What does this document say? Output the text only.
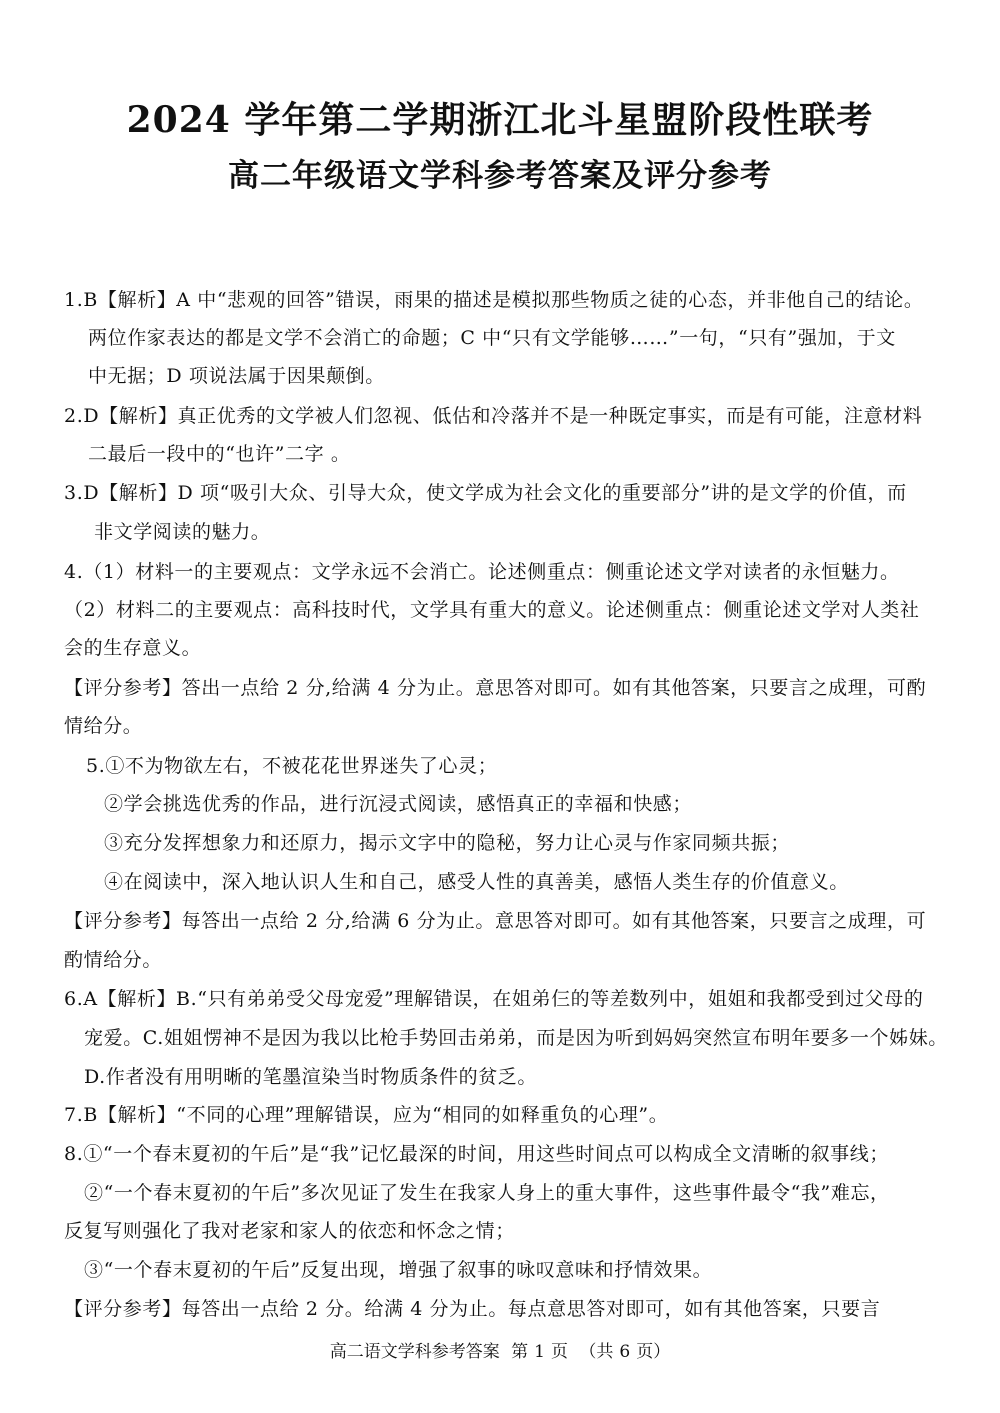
2024 学年第二学期浙江北斗星盟阶段性联考
高二年级语文学科参考答案及评分参考
1.B【解析】A 中“悲观的回答”错误，雨果的描述是模拟那些物质之徒的心态，并非他自己的结论。
两位作家表达的都是文学不会消亡的命题；C 中“只有文学能够……”一句，“只有”强加，于文
中无据；D 项说法属于因果颠倒。
2.D【解析】真正优秀的文学被人们忽视、低估和冷落并不是一种既定事实，而是有可能，注意材料
二最后一段中的“也许”二字 。
3.D【解析】D 项“吸引大众、引导大众，使文学成为社会文化的重要部分”讲的是文学的价值，而
非文学阅读的魅力。
4.（1）材料一的主要观点：文学永远不会消亡。论述侧重点：侧重论述文学对读者的永恒魅力。
（2）材料二的主要观点：高科技时代，文学具有重大的意义。论述侧重点：侧重论述文学对人类社
会的生存意义。
【评分参考】答出一点给 2 分,给满 4 分为止。意思答对即可。如有其他答案，只要言之成理，可酌
情给分。
5.①不为物欲左右，不被花花世界迷失了心灵；
②学会挑选优秀的作品，进行沉浸式阅读，感悟真正的幸福和快感；
③充分发挥想象力和还原力，揭示文字中的隐秘，努力让心灵与作家同频共振；
④在阅读中，深入地认识人生和自己，感受人性的真善美，感悟人类生存的价值意义。
【评分参考】每答出一点给 2 分,给满 6 分为止。意思答对即可。如有其他答案，只要言之成理，可
酌情给分。
6.A【解析】B.“只有弟弟受父母宠爱”理解错误，在姐弟仨的等差数列中，姐姐和我都受到过父母的
宠爱。C.姐姐愣神不是因为我以比枪手势回击弟弟，而是因为听到妈妈突然宣布明年要多一个姊妹。
D.作者没有用明晰的笔墨渲染当时物质条件的贫乏。
7.B【解析】“不同的心理”理解错误，应为“相同的如释重负的心理”。
8.①“一个春末夏初的午后”是“我”记忆最深的时间，用这些时间点可以构成全文清晰的叙事线；
②“一个春末夏初的午后”多次见证了发生在我家人身上的重大事件，这些事件最令“我”难忘，
反复写则强化了我对老家和家人的依恋和怀念之情；
③“一个春末夏初的午后”反复出现，增强了叙事的咏叹意味和抒情效果。
【评分参考】每答出一点给 2 分。给满 4 分为止。每点意思答对即可，如有其他答案，只要言
高二语文学科参考答案 第 1 页 （共 6 页）
